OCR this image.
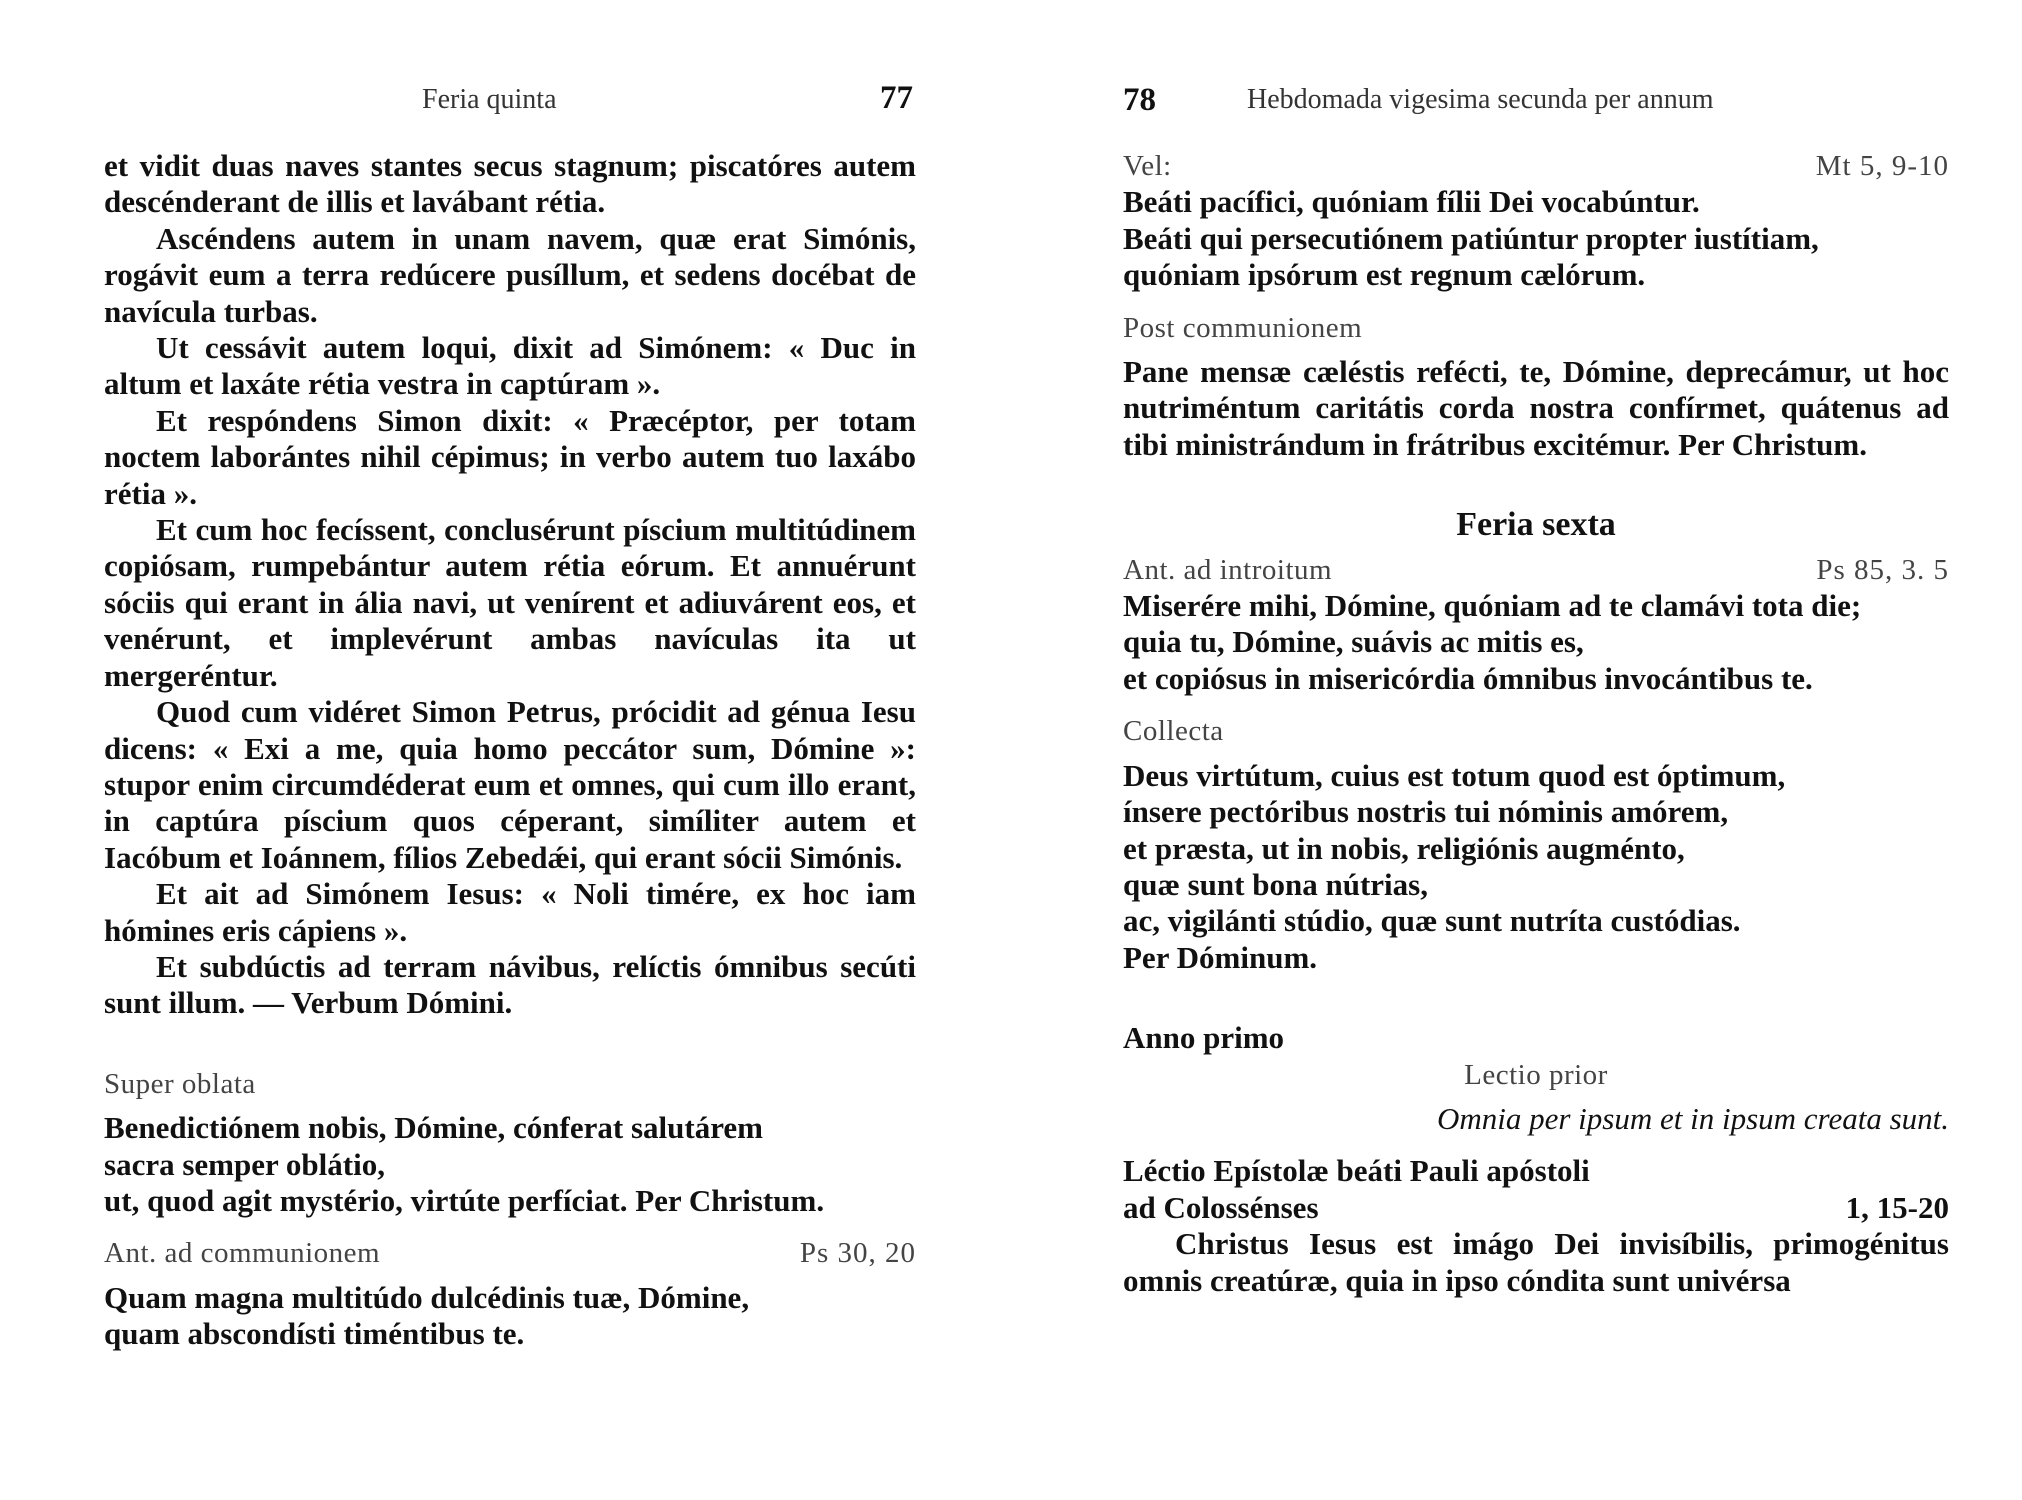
Feria quinta	77

et vidit duas naves stantes secus stagnum; piscatóres autem descénderant de illis et lavábant rétia.

Ascéndens autem in unam navem, quæ erat Simónis, rogávit eum a terra redúcere pusíllum, et sedens docébat de navícula turbas.

Ut cessávit autem loqui, dixit ad Simónem: « Duc in altum et laxáte rétia vestra in captúram ».

Et respóndens Simon dixit: « Præcéptor, per totam noctem laborántes nihil cépimus; in verbo autem tuo laxábo rétia ».

Et cum hoc fecíssent, conclusérunt píscium multitúdinem copiósam, rumpebántur autem rétia eórum. Et annuérunt sóciis qui erant in ália navi, ut venírent et adiuvárent eos, et venérunt, et implevérunt ambas navículas ita ut mergeréntur.

Quod cum vidéret Simon Petrus, prócidit ad génua Iesu dicens: « Exi a me, quia homo peccátor sum, Dómine »: stupor enim circumdéderat eum et omnes, qui cum illo erant, in captúra píscium quos céperant, simíliter autem et Iacóbum et Ioánnem, fílios Zebedǽi, qui erant sócii Simónis.

Et ait ad Simónem Iesus: « Noli timére, ex hoc iam hómines eris cápiens ».

Et subdúctis ad terram návibus, relíctis ómnibus secúti sunt illum. — Verbum Dómini.

Super oblata

Benedictiónem nobis, Dómine, cónferat salutárem
sacra semper oblátio,
ut, quod agit mystério, virtúte perfíciat. Per Christum.
Ant. ad communionem	Ps 30, 20
Quam magna multitúdo dulcédinis tuæ, Dómine,
quam abscondísti timéntibus te.
78	Hebdomada vigesima secunda per annum
Vel:	Mt 5, 9-10
Beáti pacífici, quóniam fílii Dei vocabúntur.
Beáti qui persecutiónem patiúntur propter iustítiam,
quóniam ipsórum est regnum cælórum.

Post communionem

Pane mensæ cæléstis refécti, te, Dómine, deprecámur, ut hoc nutriméntum caritátis corda nostra confírmet, quátenus ad tibi ministrándum in frátribus excitémur. Per Christum.

Feria sexta

Ant. ad introitum	Ps 85, 3. 5
Miserére mihi, Dómine, quóniam ad te clamávi tota die;
quia tu, Dómine, suávis ac mitis es,
et copiósus in misericórdia ómnibus invocántibus te.

Collecta

Deus virtútum, cuius est totum quod est óptimum,
ínsere pectóribus nostris tui nóminis amórem,
et præsta, ut in nobis, religiónis augménto,
quæ sunt bona nútrias,
ac, vigilánti stúdio, quæ sunt nutríta custódias.
Per Dóminum.

Anno primo

Lectio prior

Omnia per ipsum et in ipsum creata sunt.

Léctio Epístolæ beáti Pauli apóstoli

ad Colossénses	1, 15-20

Christus Iesus est imágo Dei invisíbilis, primogénitus omnis creatúræ, quia in ipso cóndita sunt univérsa
